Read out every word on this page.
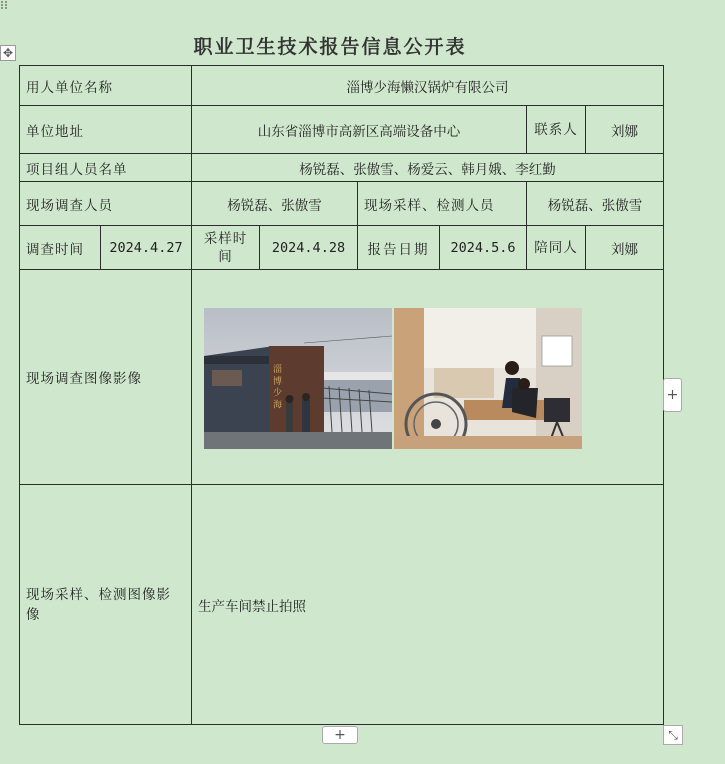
✥	职业卫生技术报告信息公开表
用人单位名称		淄博少海懒汉锅炉有限公司					
单位地址		山东省淄博市高新区高端设备中心				联系人	刘娜
项目组人员名单		杨锐磊、张傲雪、杨爱云、韩月娥、李红勤					
现场调查人员		杨锐磊、张傲雪		现场采样、检测人员		杨锐磊、张傲雪	
调查时间	2024.4.27	采样时间	2024.4.28	报告日期	2024.5.6	陪同人	刘娜
现场调查图像影像		淄 博 少 海					

现场采样、检测图像影像		生产车间禁止拍照					
+
+	⤡
